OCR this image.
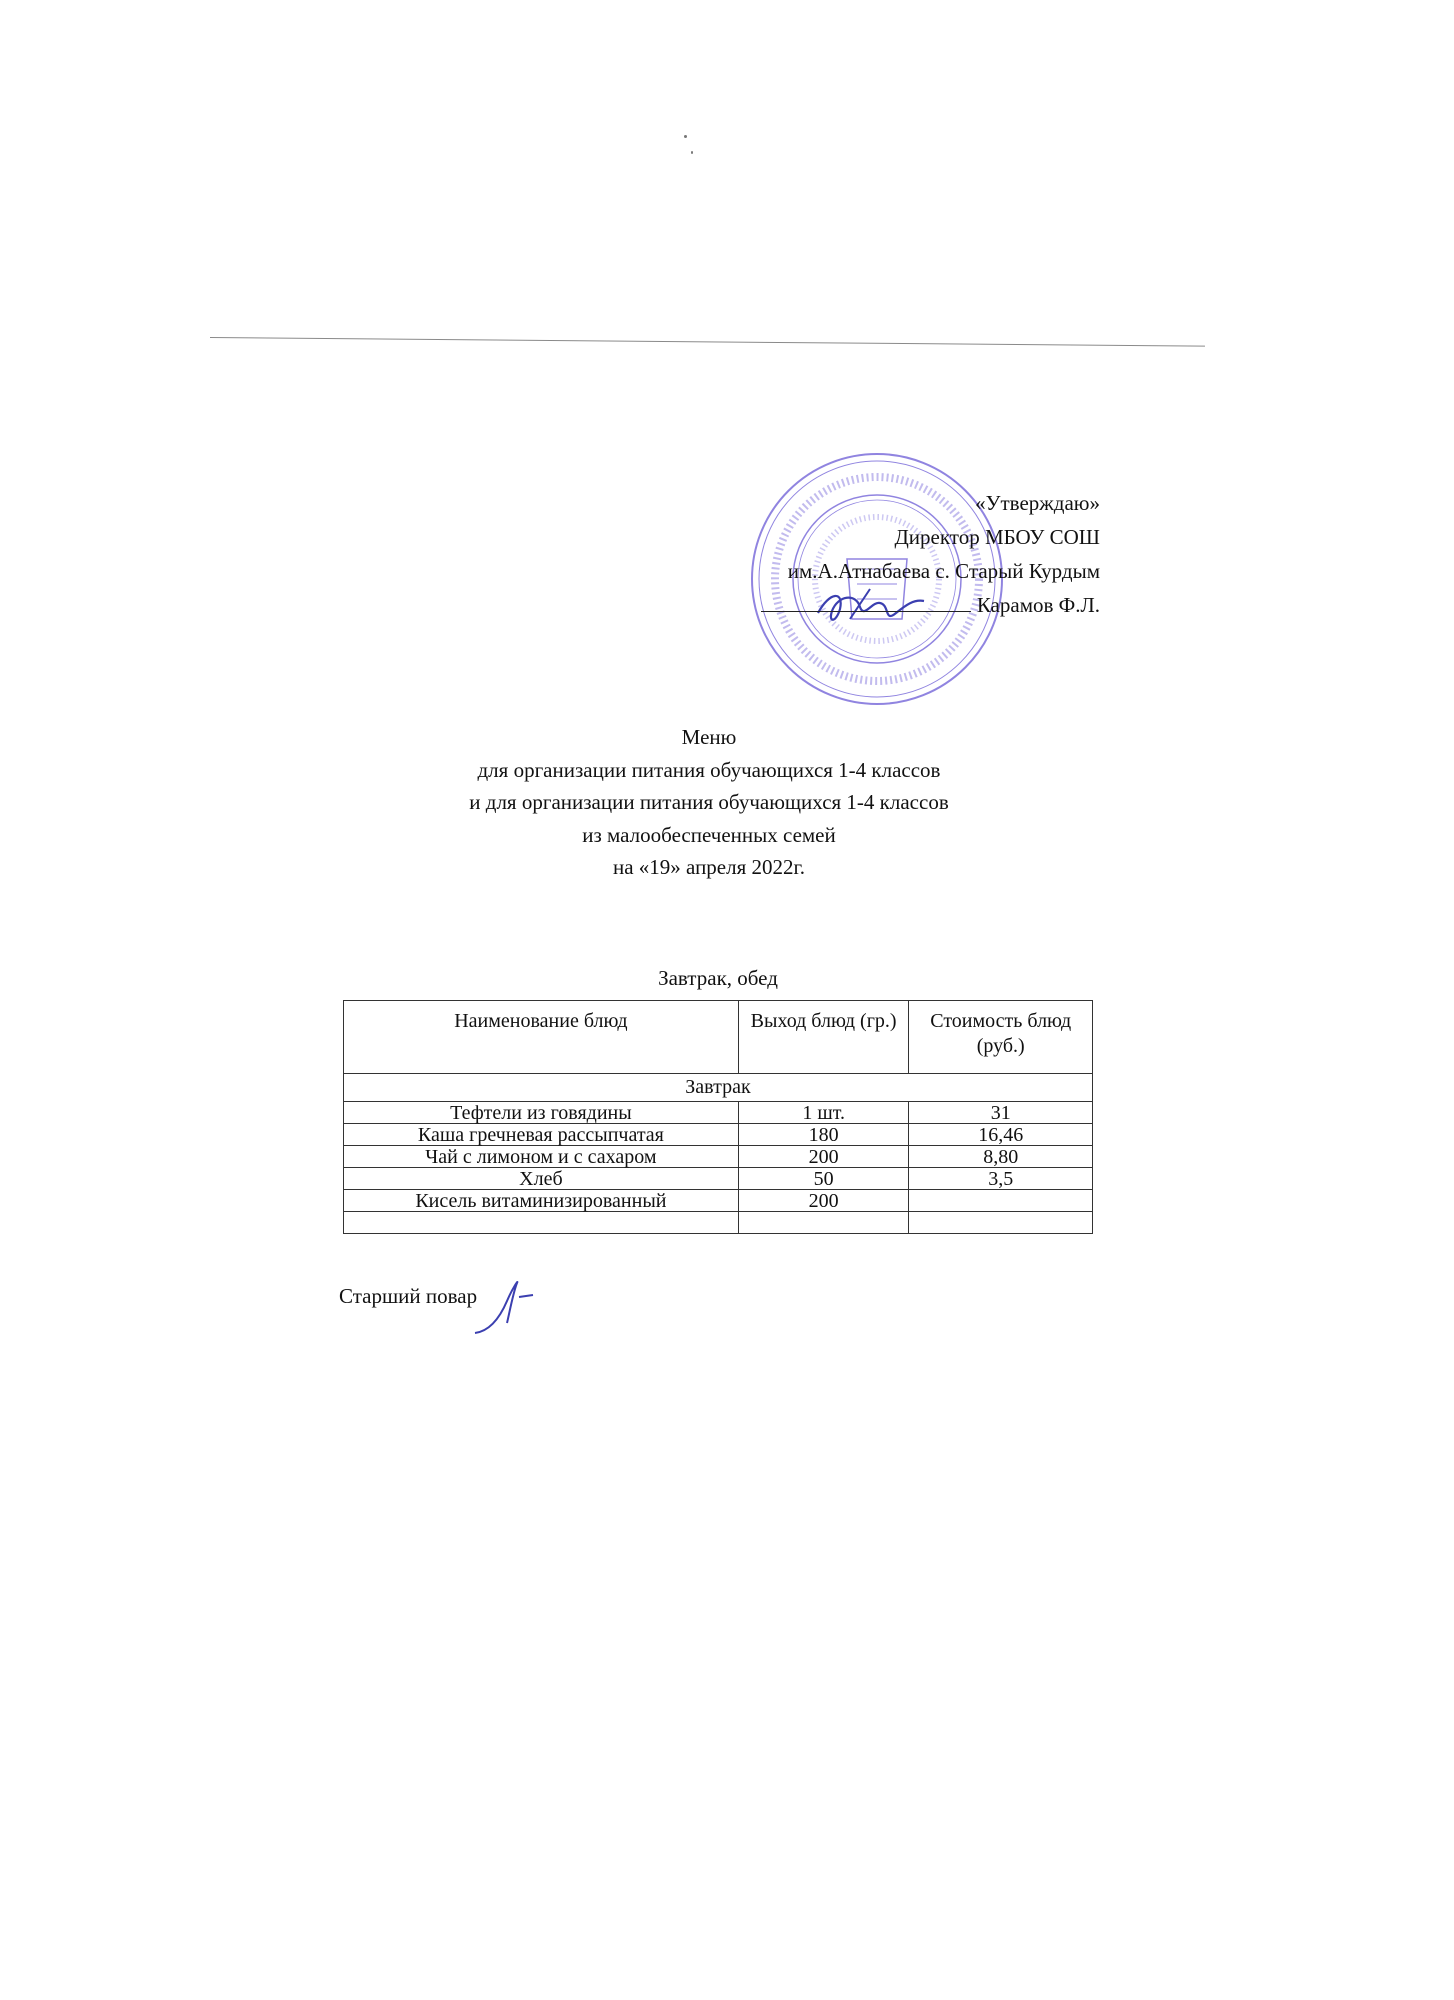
«Утверждаю»
Директор МБОУ СОШ
им.А.Атнабаева с. Старый Курдым
Карамов Ф.Л.
Меню
для организации питания обучающихся 1-4 классов
и для организации питания обучающихся 1-4 классов
из малообеспеченных семей
на «19» апреля 2022г.
Завтрак, обед
Наименование блюд	Выход блюд (гр.)	Стоимость блюд (руб.)
Завтрак		
Тефтели из говядины	1 шт.	31
Каша гречневая рассыпчатая	180	16,46
Чай с лимоном и с сахаром	200	8,80
Хлеб	50	3,5
Кисель витаминизированный	200	

Старший повар
